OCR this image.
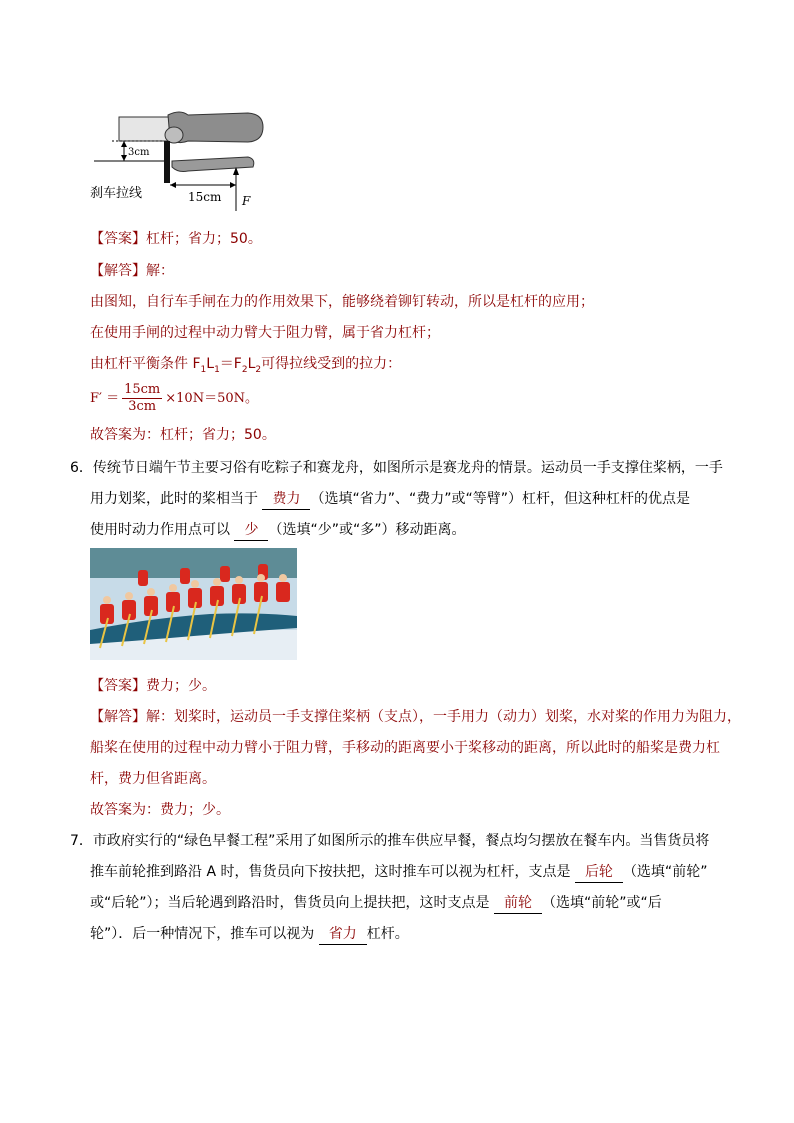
3cm
15cm
刹车拉线	F
【答案】杠杆；省力；50。
【解答】解：
由图知，自行车手闸在力的作用效果下，能够绕着铆钉转动，所以是杠杆的应用；
在使用手闸的过程中动力臂大于阻力臂，属于省力杠杆；
由杠杆平衡条件 $F_1L_1=F_2L_2$可得拉线受到的拉力：
$F' = \frac{15cm}{3cm} \times 10N=50N$。
故答案为：杠杆；省力；50。
6．传统节日端午节主要习俗有吃粽子和赛龙舟，如图所示是赛龙舟的情景。运动员一手支撑住桨柄，一手
用力划桨，此时的桨相当于 费力 （选填“省力”、“费力”或“等臂”）杠杆，但这种杠杆的优点是
使用时动力作用点可以 少 （选填“少”或“多”）移动距离。
【答案】费力；少。
【解答】解：划桨时，运动员一手支撑住桨柄（支点），一手用力（动力）划桨，水对桨的作用力为阻力，
船桨在使用的过程中动力臂小于阻力臂，手移动的距离要小于桨移动的距离，所以此时的船桨是费力杠
杆，费力但省距离。
故答案为：费力；少。
7．市政府实行的“绿色早餐工程”采用了如图所示的推车供应早餐，餐点均匀摆放在餐车内。当售货员将
推车前轮推到路沿 A 时，售货员向下按扶把，这时推车可以视为杠杆，支点是 后轮 （选填“前轮”
或“后轮”）；当后轮遇到路沿时，售货员向上提扶把，这时支点是 前轮 （选填“前轮”或“后
轮”）．后一种情况下，推车可以视为 省力 杠杆。
